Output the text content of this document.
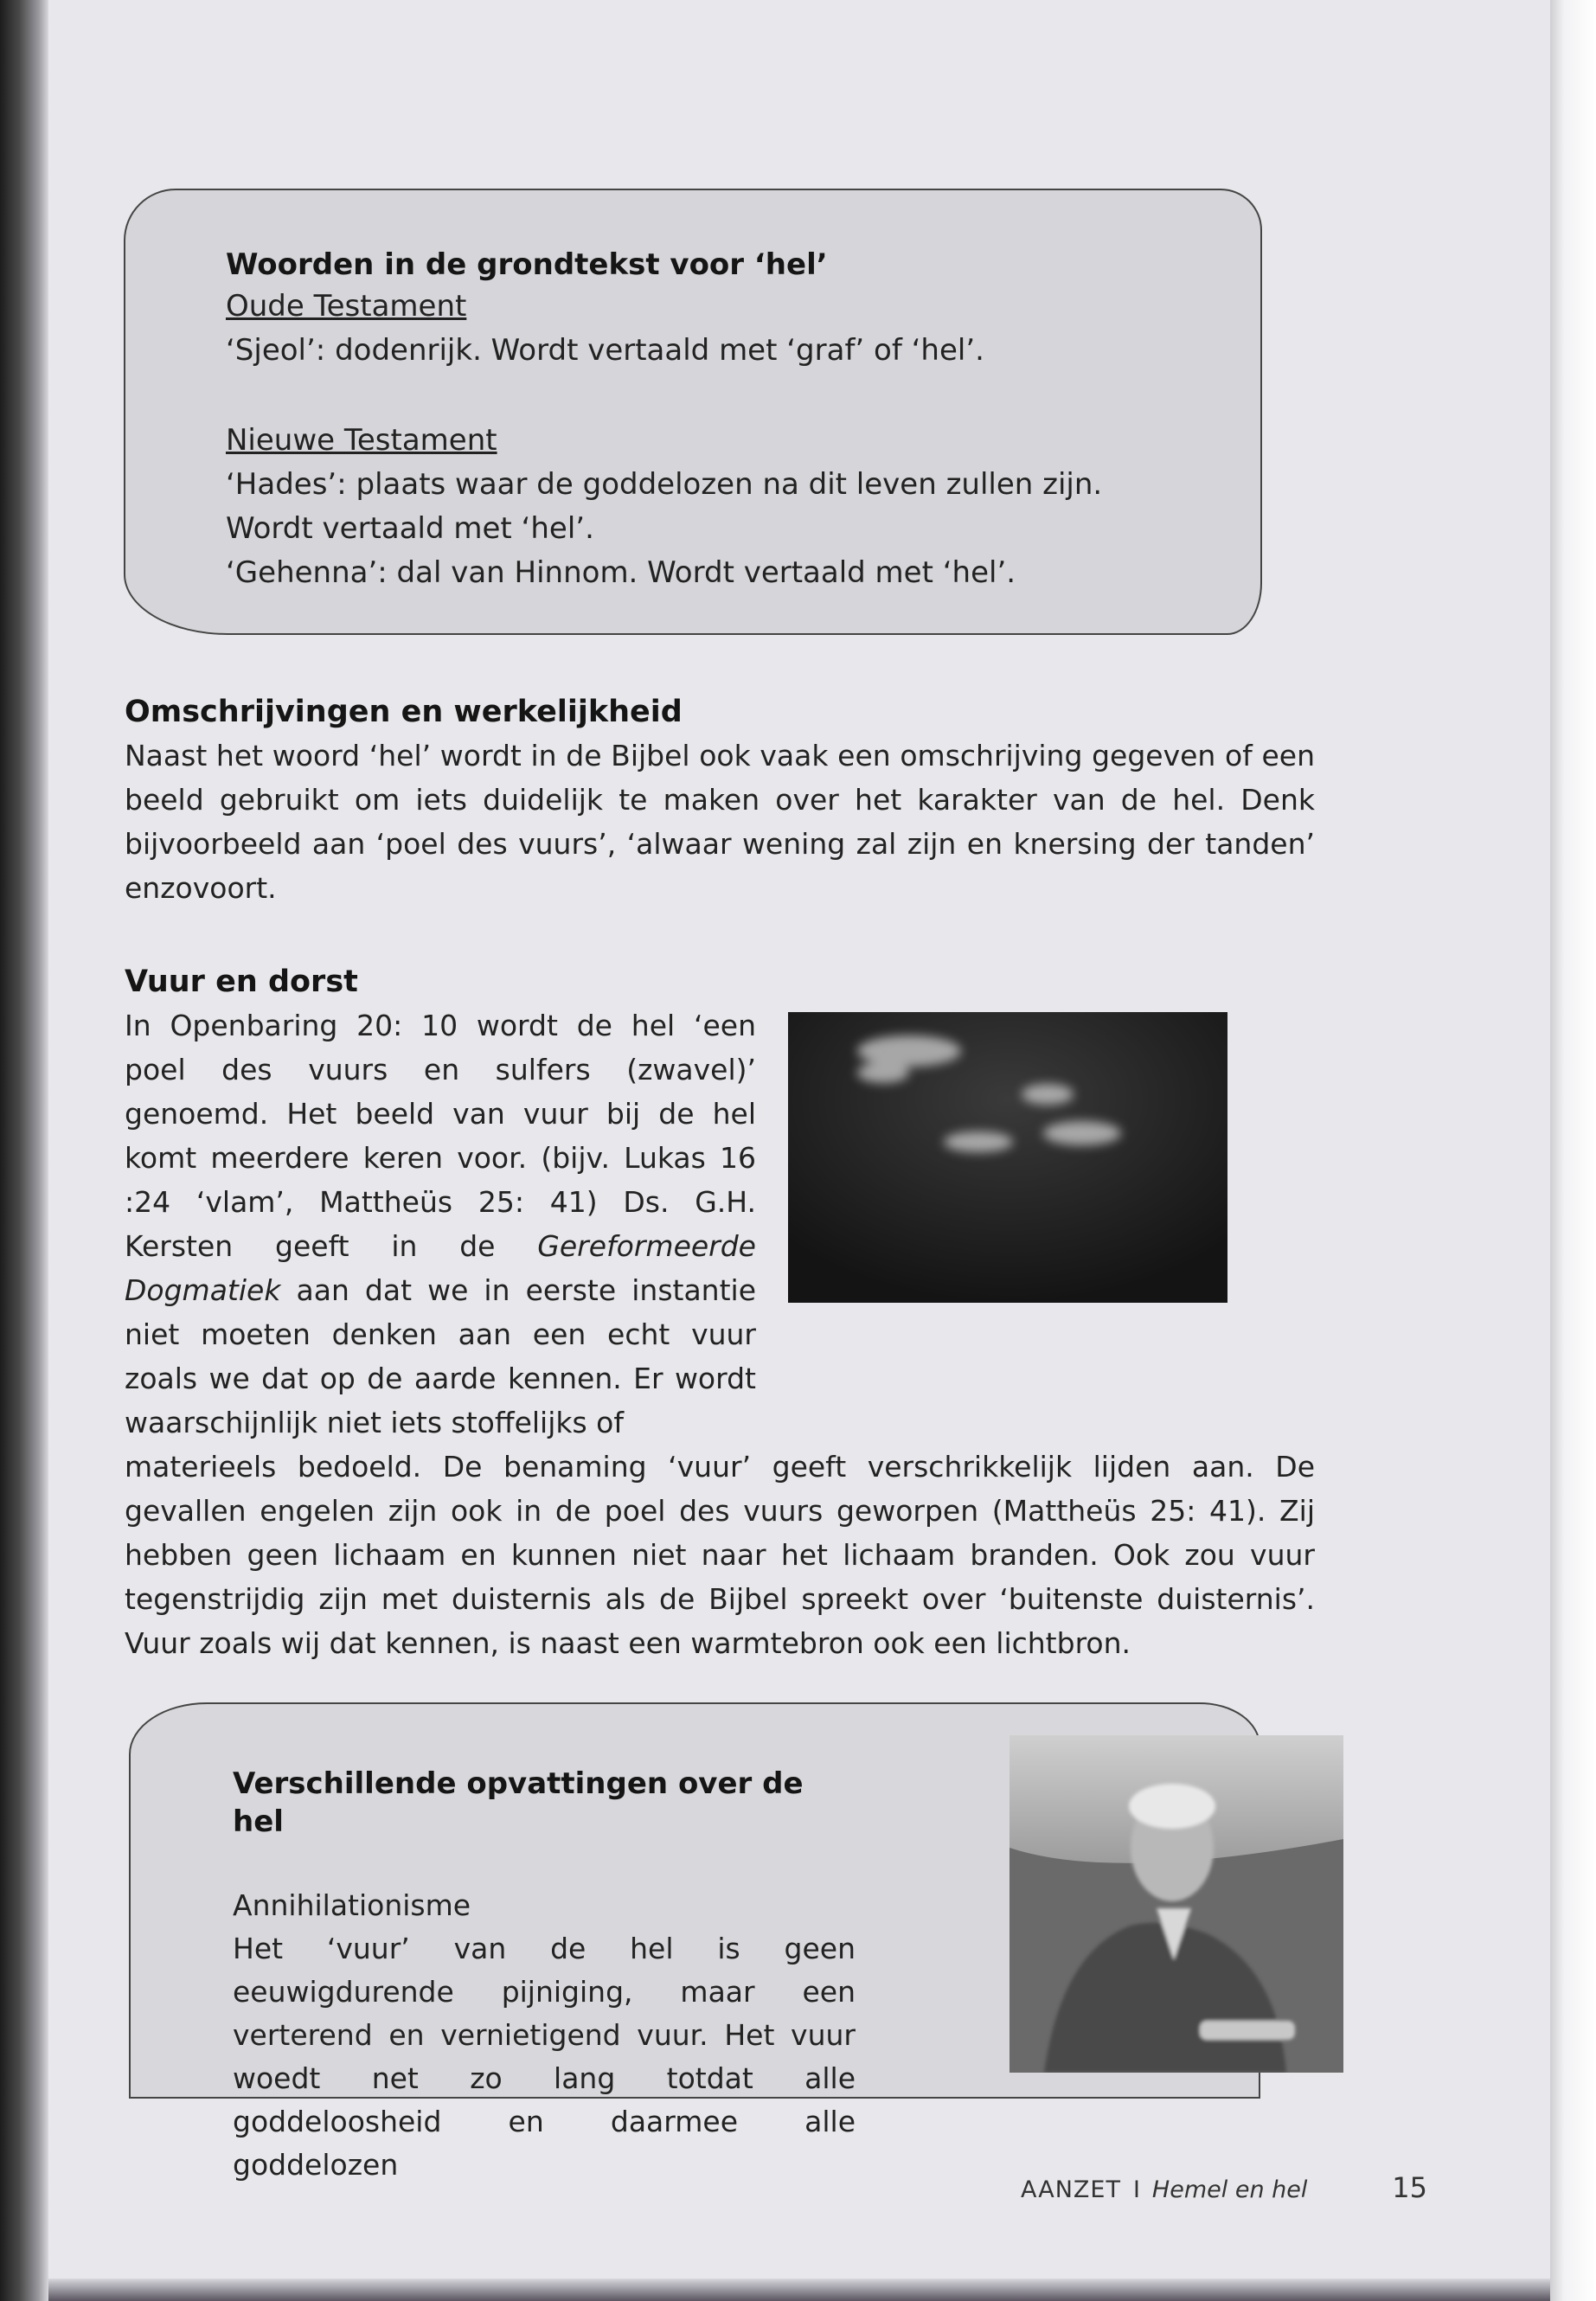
Woorden in de grondtekst voor ‘hel’

Oude Testament

‘Sjeol’: dodenrijk. Wordt vertaald met ‘graf’ of ‘hel’.

Nieuwe Testament

‘Hades’: plaats waar de goddelozen na dit leven zullen zijn. Wordt vertaald met ‘hel’.

‘Gehenna’: dal van Hinnom. Wordt vertaald met ‘hel’.

Omschrijvingen en werkelijkheid

Naast het woord ‘hel’ wordt in de Bijbel ook vaak een omschrijving gegeven of een beeld gebruikt om iets duidelijk te maken over het karakter van de hel. Denk bijvoorbeeld aan ‘poel des vuurs’, ‘alwaar wening zal zijn en knersing der tanden’ enzovoort.

Vuur en dorst

In Openbaring 20: 10 wordt de hel ‘een poel des vuurs en sulfers (zwavel)’ genoemd. Het beeld van vuur bij de hel komt meerdere keren voor. (bijv. Lukas 16 :24 ‘vlam’, Mattheüs 25: 41) Ds. G.H. Kersten geeft in de Gereformeerde Dogmatiek aan dat we in eerste instantie niet moeten denken aan een echt vuur zoals we dat op de aarde kennen. Er wordt waarschijnlijk niet iets stoffelijks of

materieels bedoeld. De benaming ‘vuur’ geeft verschrikkelijk lijden aan. De gevallen engelen zijn ook in de poel des vuurs geworpen (Mattheüs 25: 41). Zij hebben geen lichaam en kunnen niet naar het lichaam branden. Ook zou vuur tegenstrijdig zijn met duisternis als de Bijbel spreekt over ‘buitenste duisternis’. Vuur zoals wij dat kennen, is naast een warmtebron ook een lichtbron.

Verschillende opvattingen over de hel

Annihilationisme

Het ‘vuur’ van de hel is geen eeuwigdurende pijniging, maar een verterend en vernietigend vuur. Het vuur woedt net zo lang totdat alle goddeloosheid en daarmee alle goddelozen

AANZET I Hemel en hel	15
